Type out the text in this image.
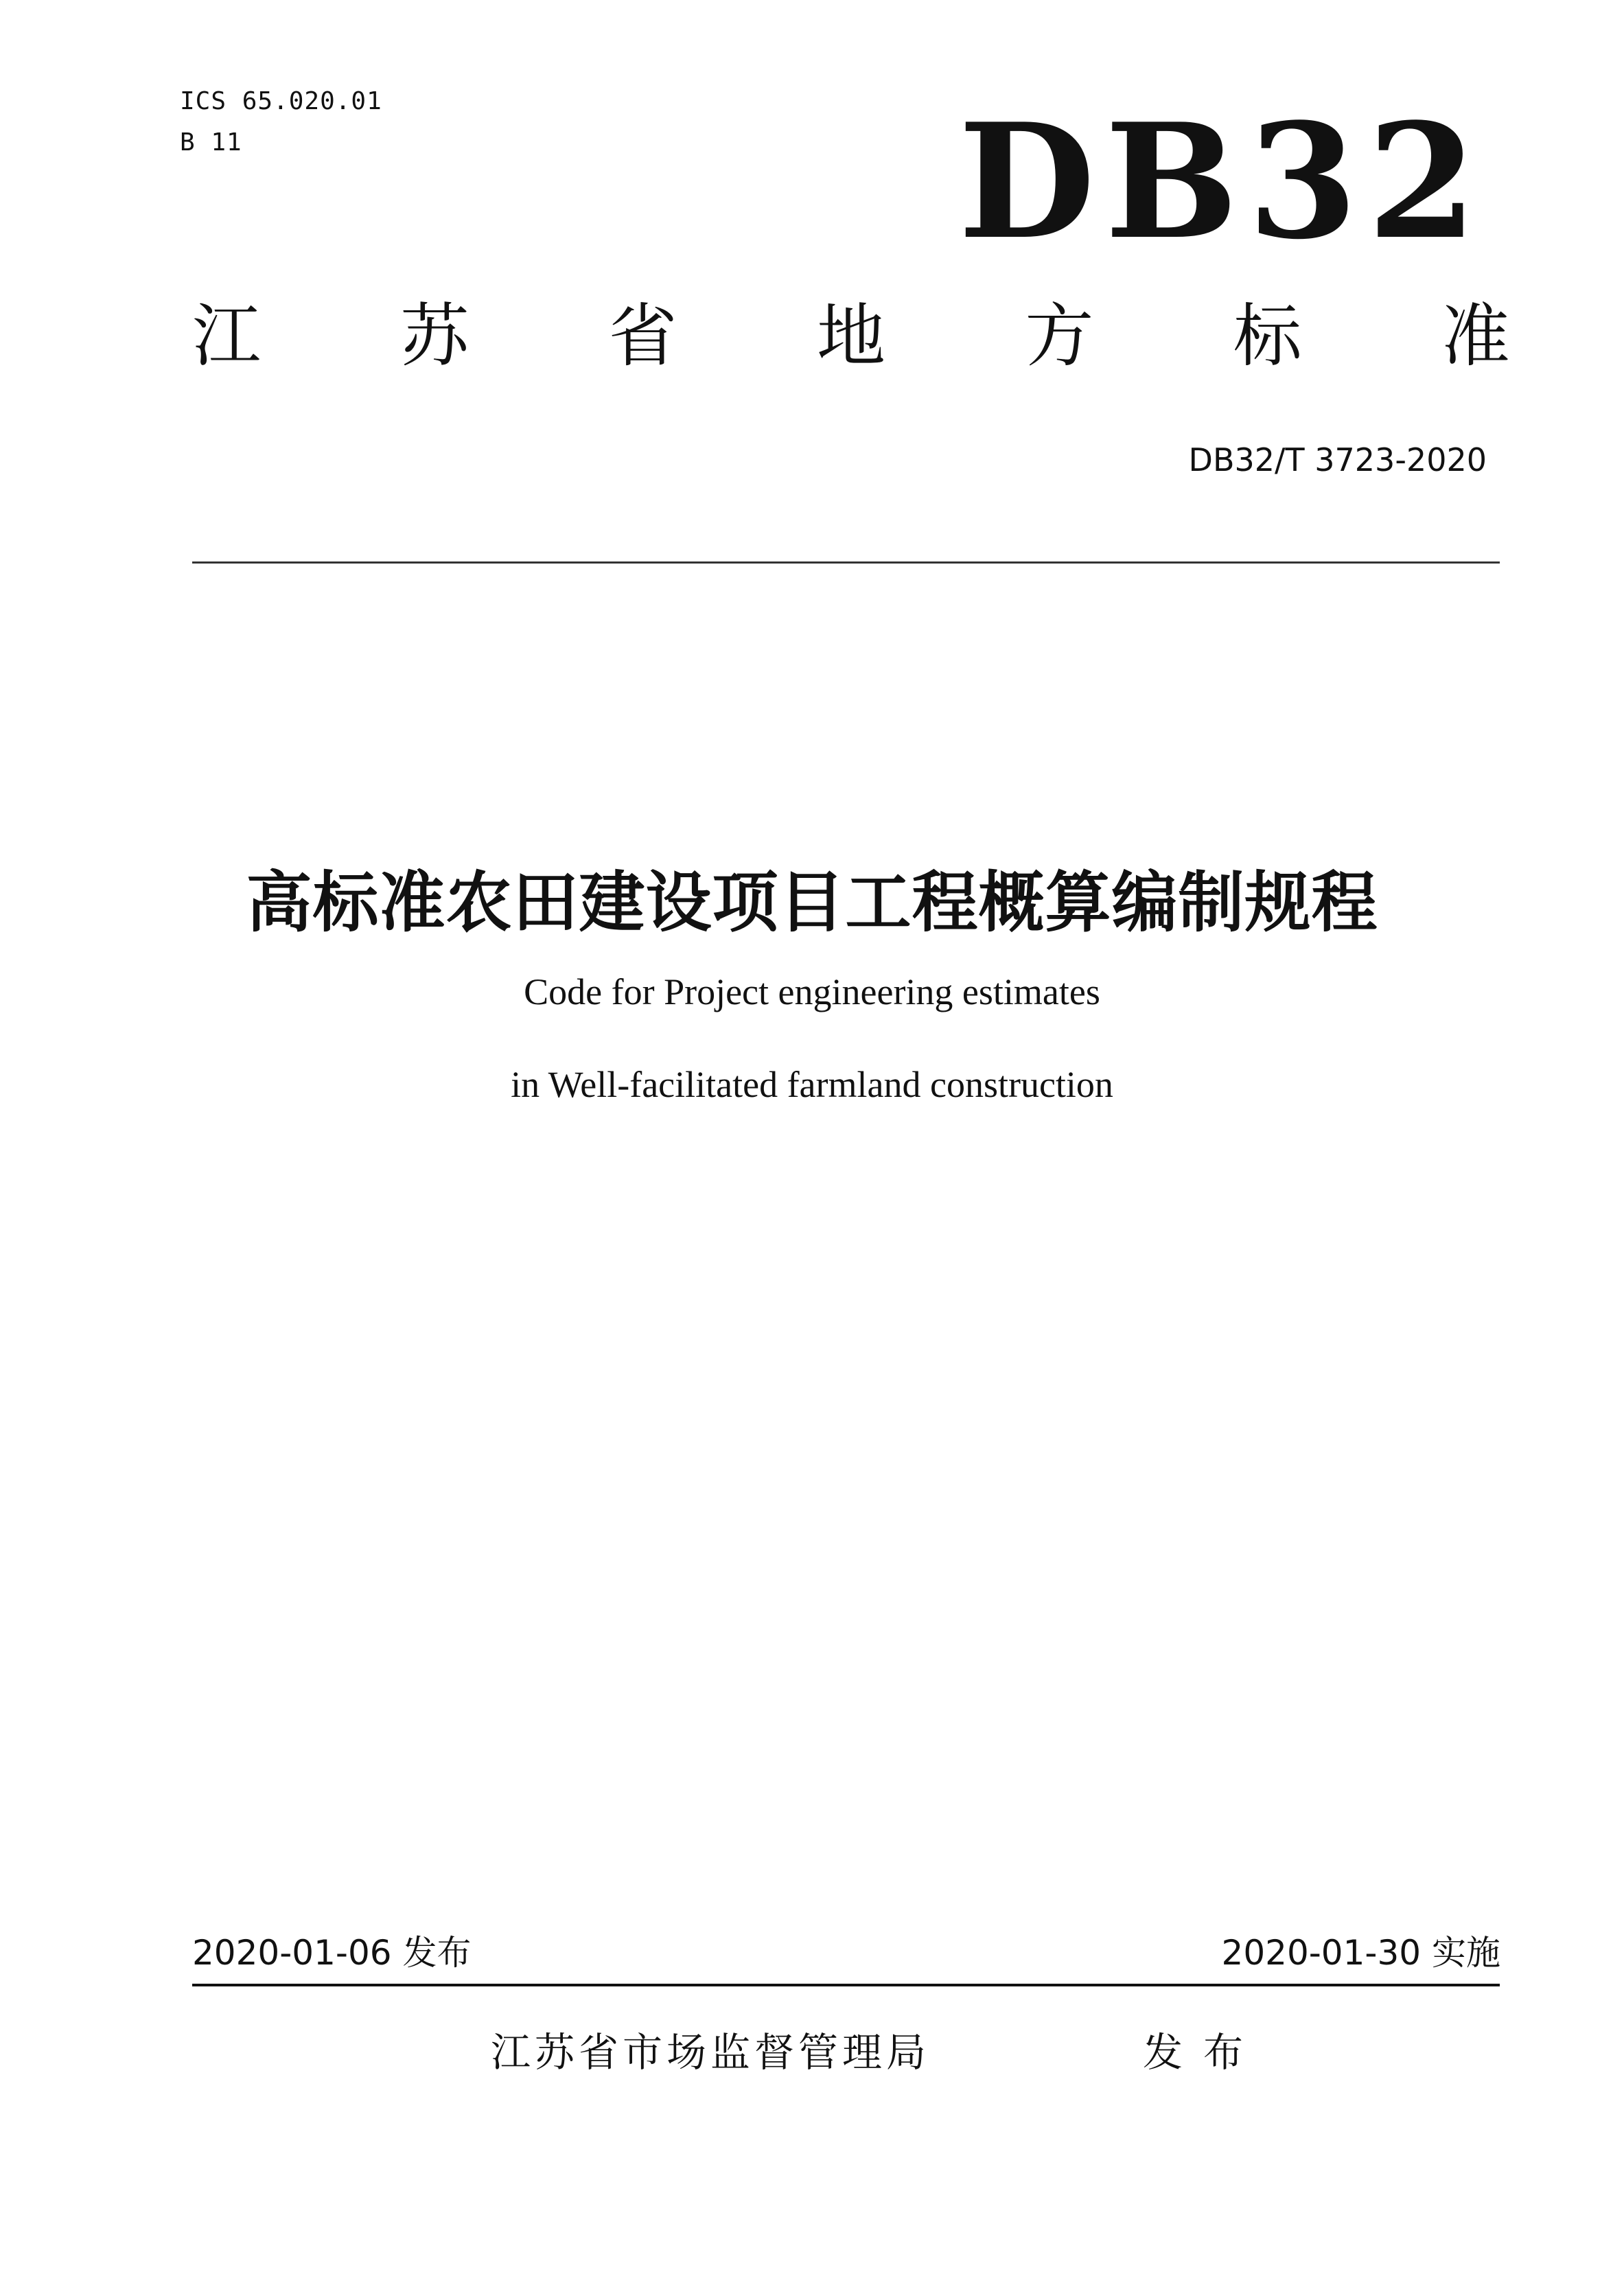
ICS 65.020.01
B 11	DB32
江 苏 省 地 方 标 准
DB32/T 3723-2020
高标准农田建设项目工程概算编制规程
Code for Project engineering estimates
in Well-facilitated farmland construction
2020-01-06 发布	2020-01-30 实施
江苏省市场监督管理局	发布
